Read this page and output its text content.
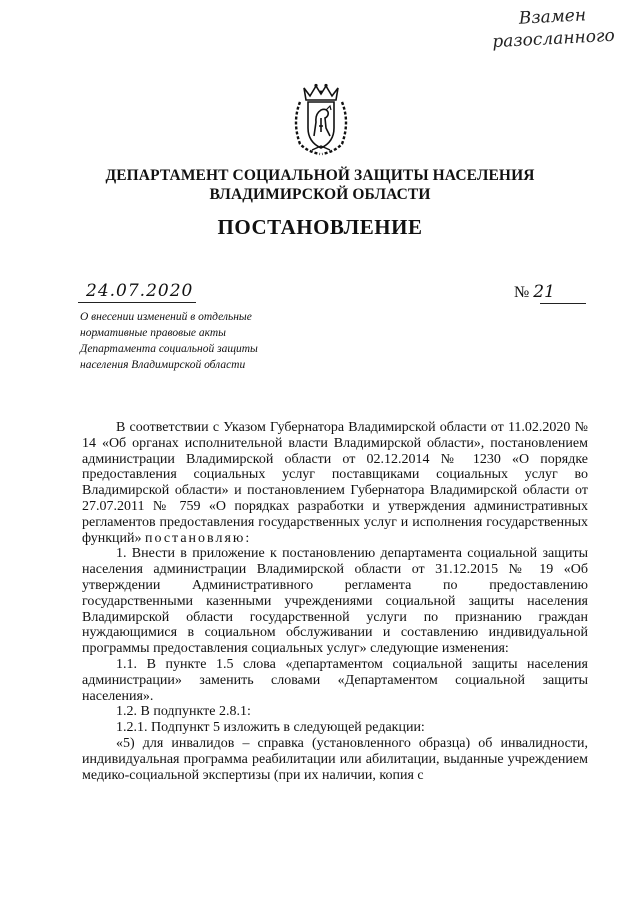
Взамен
разосланного
ДЕПАРТАМЕНТ СОЦИАЛЬНОЙ ЗАЩИТЫ НАСЕЛЕНИЯ
ВЛАДИМИРСКОЙ ОБЛАСТИ
ПОСТАНОВЛЕНИЕ
24.07.2020	№ 21
О внесении изменений в отдельные
нормативные правовые акты
Департамента социальной защиты
населения Владимирской области

В соответствии с Указом Губернатора Владимирской области от 11.02.2020 № 14 «Об органах исполнительной власти Владимирской области», постановлением администрации Владимирской области от 02.12.2014 № 1230 «О порядке предоставления социальных услуг поставщиками социальных услуг во Владимирской области» и постановлением Губернатора Владимирской области от 27.07.2011 № 759 «О порядках разработки и утверждения административных регламентов предоставления государственных услуг и исполнения государственных функций» постановляю:

1. Внести в приложение к постановлению департамента социальной защиты населения администрации Владимирской области от 31.12.2015 № 19 «Об утверждении Административного регламента по предоставлению государственными казенными учреждениями социальной защиты населения Владимирской области государственной услуги по признанию граждан нуждающимися в социальном обслуживании и составлению индивидуальной программы предоставления социальных услуг» следующие изменения:

1.1. В пункте 1.5 слова «департаментом социальной защиты населения администрации» заменить словами «Департаментом социальной защиты населения».

1.2. В подпункте 2.8.1:

1.2.1. Подпункт 5 изложить в следующей редакции:

«5) для инвалидов – справка (установленного образца) об инвалидности, индивидуальная программа реабилитации или абилитации, выданные учреждением медико-социальной экспертизы (при их наличии, копия с
